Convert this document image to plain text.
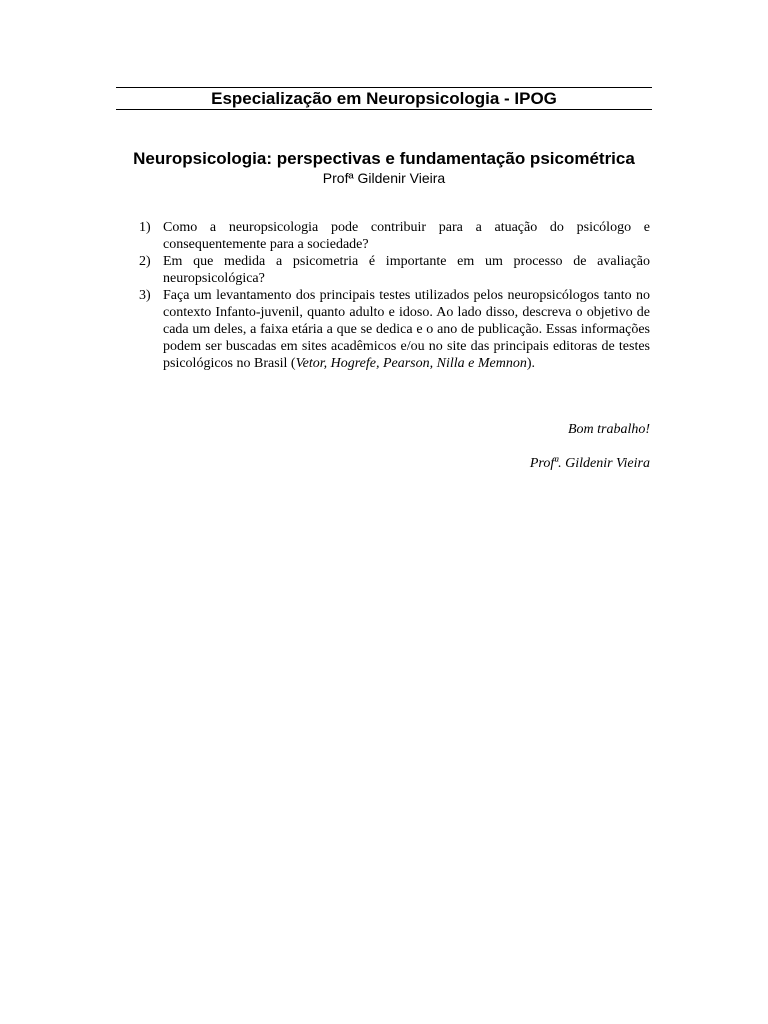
Especialização em Neuropsicologia - IPOG
Neuropsicologia: perspectivas e fundamentação psicométrica
Profª Gildenir Vieira
1) Como a neuropsicologia pode contribuir para a atuação do psicólogo e consequentemente para a sociedade?
2) Em que medida a psicometria é importante em um processo de avaliação neuropsicológica?
3) Faça um levantamento dos principais testes utilizados pelos neuropsicólogos tanto no contexto Infanto-juvenil, quanto adulto e idoso. Ao lado disso, descreva o objetivo de cada um deles, a faixa etária a que se dedica e o ano de publicação. Essas informações podem ser buscadas em sites acadêmicos e/ou no site das principais editoras de testes psicológicos no Brasil (Vetor, Hogrefe, Pearson, Nilla e Memnon).
Bom trabalho!
Profª. Gildenir Vieira
